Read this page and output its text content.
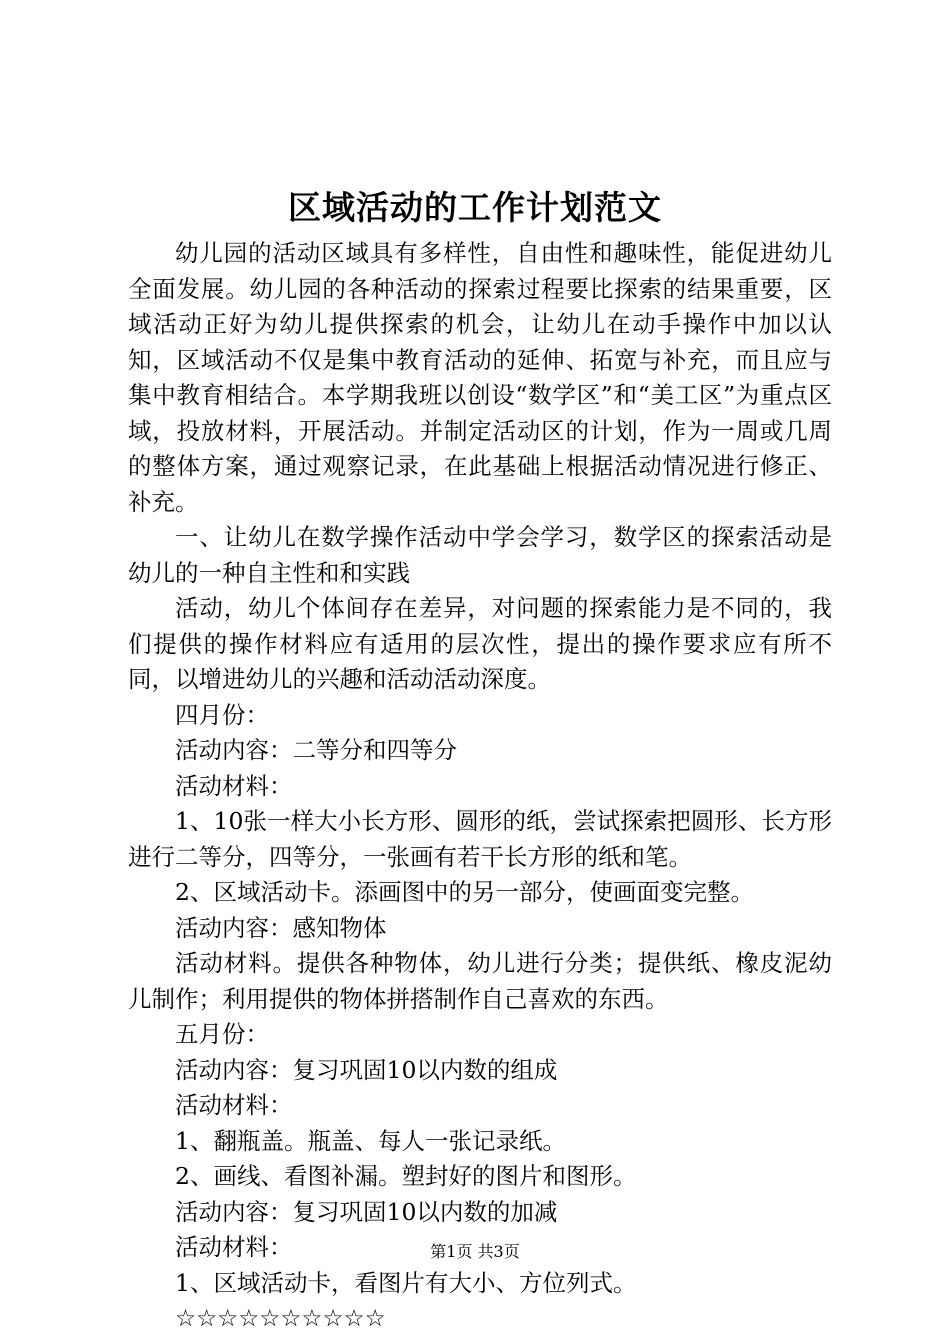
区域活动的工作计划范文

幼儿园的活动区域具有多样性，自由性和趣味性，能促进幼儿全面发展。幼儿园的各种活动的探索过程要比探索的结果重要，区域活动正好为幼儿提供探索的机会，让幼儿在动手操作中加以认知，区域活动不仅是集中教育活动的延伸、拓宽与补充，而且应与集中教育相结合。本学期我班以创设“数学区”和“美工区”为重点区域，投放材料，开展活动。并制定活动区的计划，作为一周或几周的整体方案，通过观察记录，在此基础上根据活动情况进行修正、补充。

一、让幼儿在数学操作活动中学会学习，数学区的探索活动是幼儿的一种自主性和和实践

活动，幼儿个体间存在差异，对问题的探索能力是不同的，我们提供的操作材料应有适用的层次性，提出的操作要求应有所不同，以增进幼儿的兴趣和活动活动深度。

四月份：

活动内容：二等分和四等分

活动材料：

1、10张一样大小长方形、圆形的纸，尝试探索把圆形、长方形进行二等分，四等分，一张画有若干长方形的纸和笔。

2、区域活动卡。添画图中的另一部分，使画面变完整。

活动内容：感知物体

活动材料。提供各种物体，幼儿进行分类；提供纸、橡皮泥幼儿制作；利用提供的物体拼搭制作自己喜欢的东西。

五月份：

活动内容：复习巩固10以内数的组成

活动材料：

1、翻瓶盖。瓶盖、每人一张记录纸。

2、画线、看图补漏。塑封好的图片和图形。

活动内容：复习巩固10以内数的加减

活动材料：

1、区域活动卡，看图片有大小、方位列式。

☆☆☆☆☆☆☆☆☆☆

第1页 共3页
